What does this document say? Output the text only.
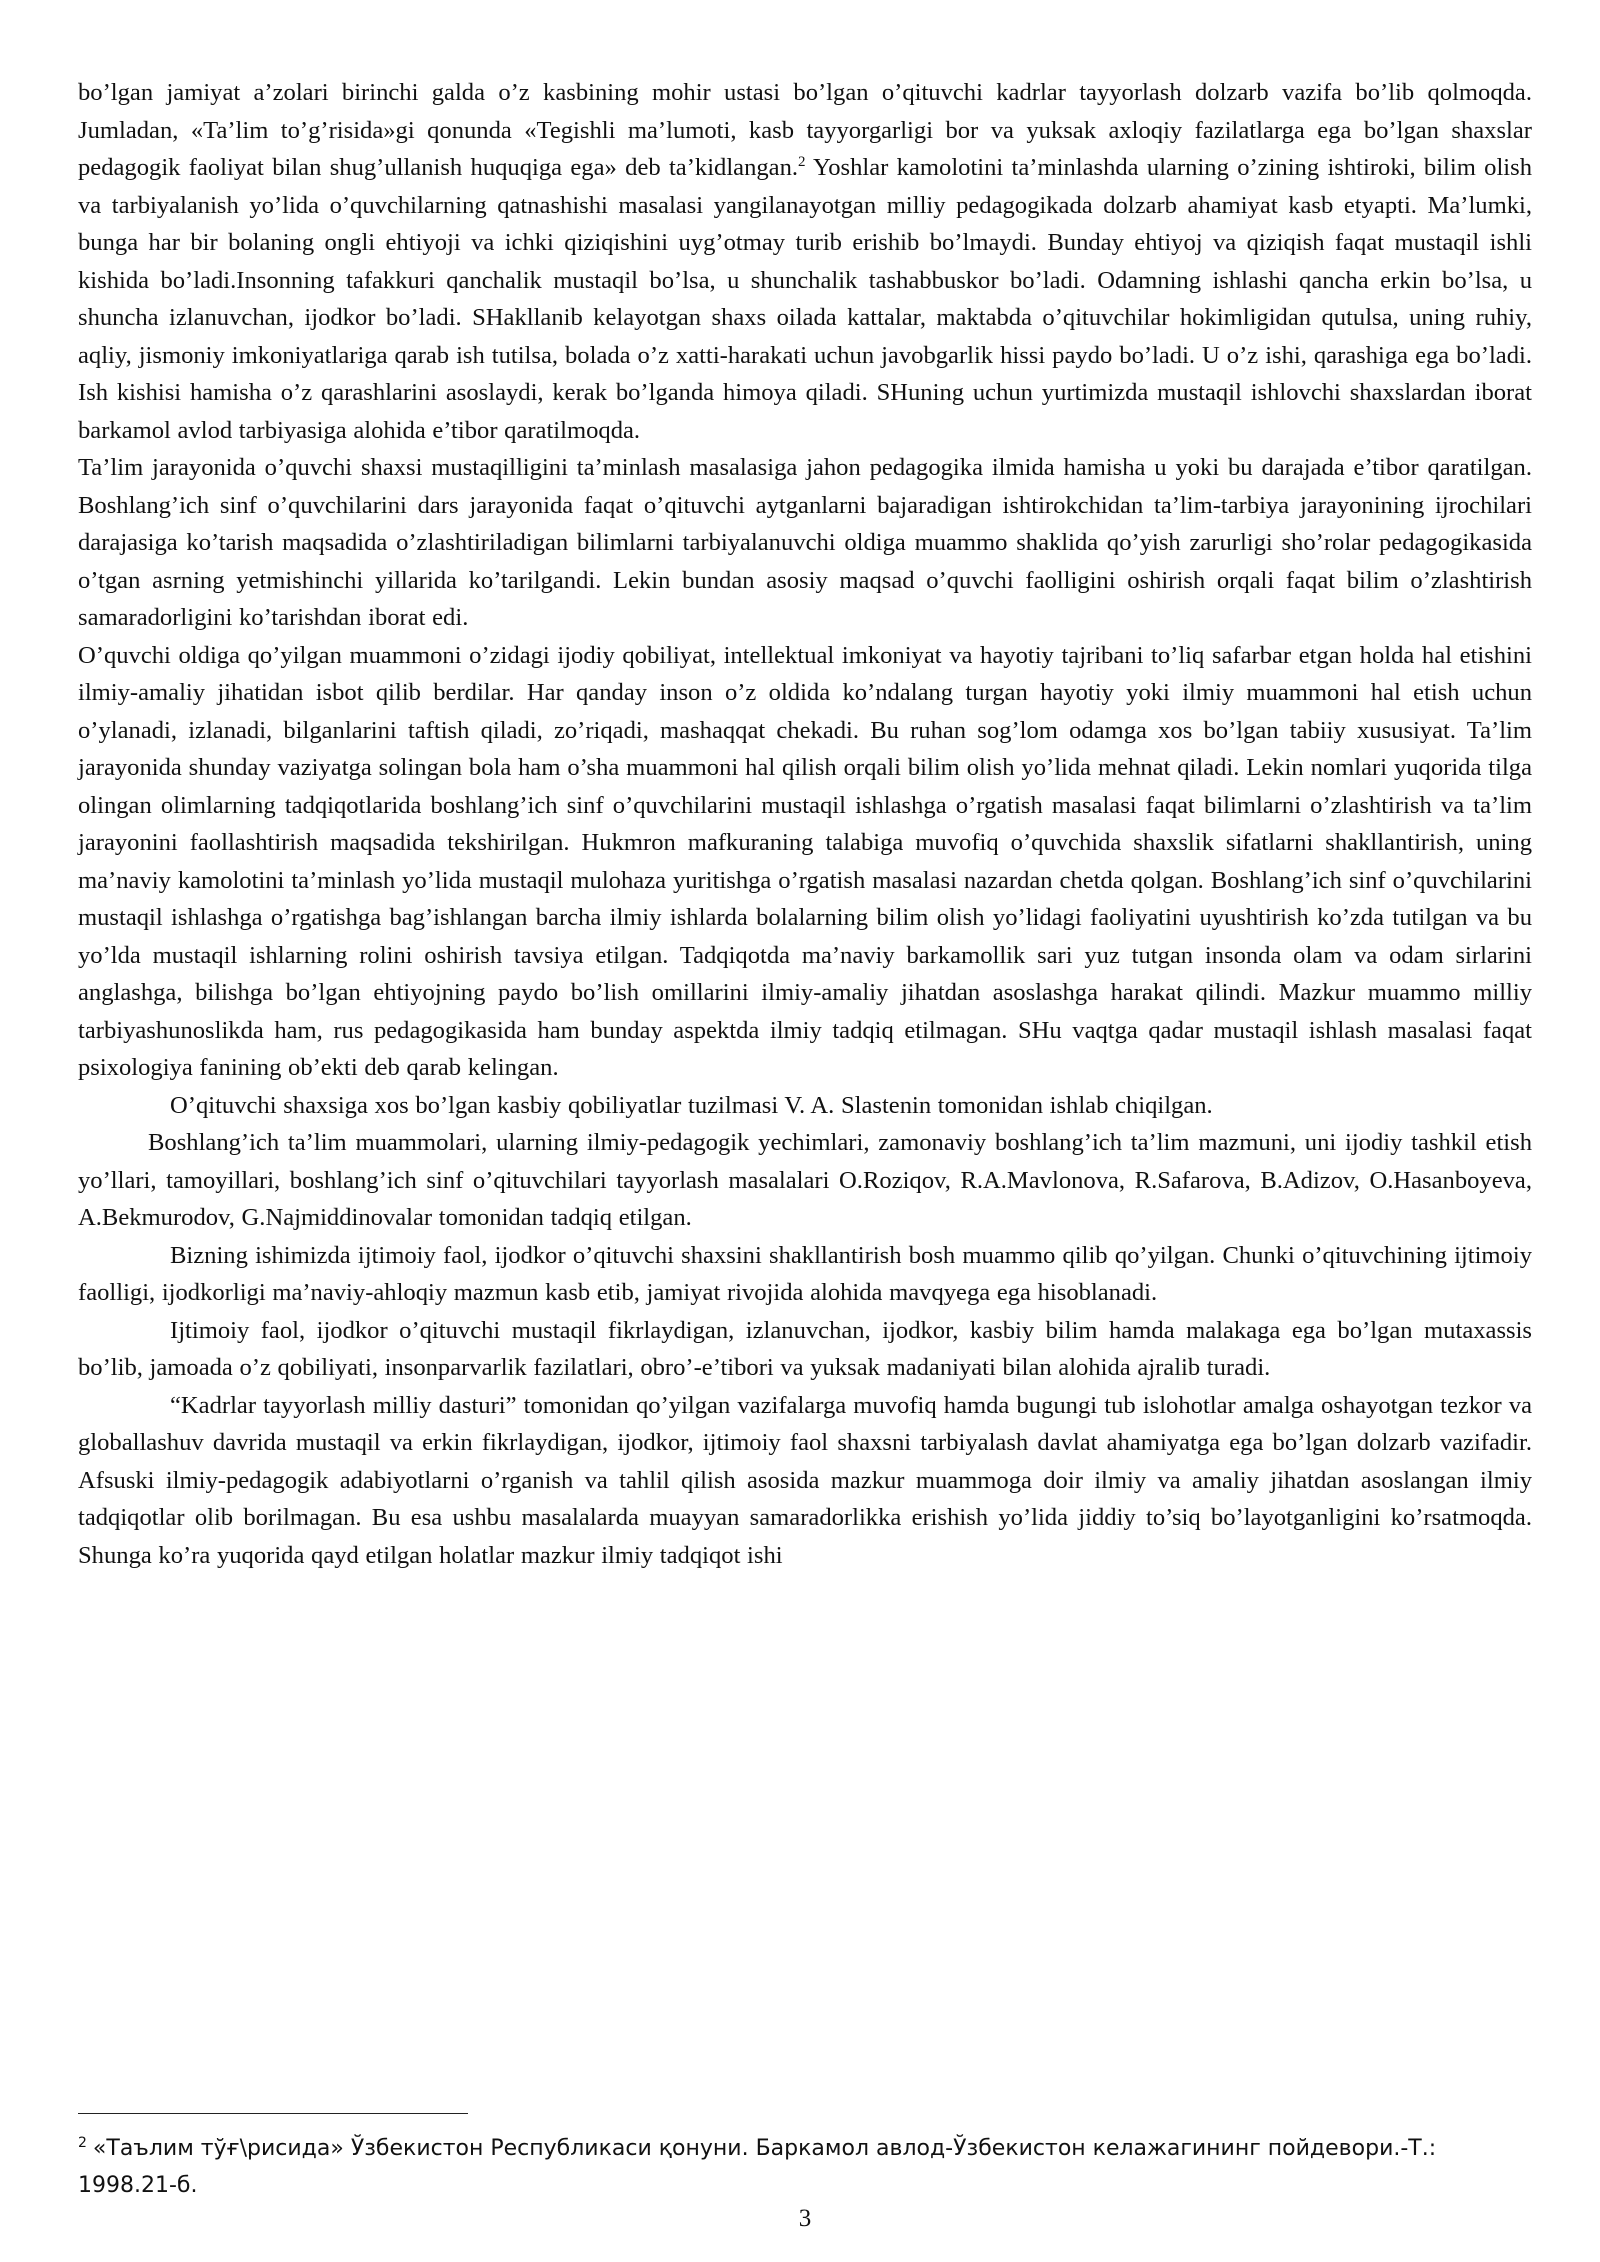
bo’lgan jamiyat a’zolari birinchi galda o’z kasbining mohir ustasi bo’lgan o’qituvchi kadrlar tayyorlash dolzarb vazifa bo’lib qolmoqda. Jumladan, «Ta’lim to’g’risida»gi qonunda «Tegishli ma’lumoti, kasb tayyorgarligi bor va yuksak axloqiy fazilatlarga ega bo’lgan shaxslar pedagogik faoliyat bilan shug’ullanish huquqiga ega» deb ta’kidlangan.$^2$ Yoshlar kamolotini ta’minlashda ularning o’zining ishtiroki, bilim olish va tarbiyalanish yo’lida o’quvchilarning qatnashishi masalasi yangilanayotgan milliy pedagogikada dolzarb ahamiyat kasb etyapti. Ma’lumki, bunga har bir bolaning ongli ehtiyoji va ichki qiziqishini uyg’otmay turib erishib bo’lmaydi. Bunday ehtiyoj va qiziqish faqat mustaqil ishli kishida bo’ladi.Insonning tafakkuri qanchalik mustaqil bo’lsa, u shunchalik tashabbuskor bo’ladi. Odamning ishlashi qancha erkin bo’lsa, u shuncha izlanuvchan, ijodkor bo’ladi. SHakllanib kelayotgan shaxs oilada kattalar, maktabda o’qituvchilar hokimligidan qutulsa, uning ruhiy, aqliy, jismoniy imkoniyatlariga qarab ish tutilsa, bolada o’z xatti-harakati uchun javobgarlik hissi paydo bo’ladi. U o’z ishi, qarashiga ega bo’ladi. Ish kishisi hamisha o’z qarashlarini asoslaydi, kerak bo’lganda himoya qiladi. SHuning uchun yurtimizda mustaqil ishlovchi shaxslardan iborat barkamol avlod tarbiyasiga alohida e’tibor qaratilmoqda.

Ta’lim jarayonida o’quvchi shaxsi mustaqilligini ta’minlash masalasiga jahon pedagogika ilmida hamisha u yoki bu darajada e’tibor qaratilgan. Boshlang’ich sinf o’quvchilarini dars jarayonida faqat o’qituvchi aytganlarni bajaradigan ishtirokchidan ta’lim-tarbiya jarayonining ijrochilari darajasiga ko’tarish maqsadida o’zlashtiriladigan bilimlarni tarbiyalanuvchi oldiga muammo shaklida qo’yish zarurligi sho’rolar pedagogikasida o’tgan asrning yetmishinchi yillarida ko’tarilgandi. Lekin bundan asosiy maqsad o’quvchi faolligini oshirish orqali faqat bilim o’zlashtirish samaradorligini ko’tarishdan iborat edi.

O’quvchi oldiga qo’yilgan muammoni o’zidagi ijodiy qobiliyat, intellektual imkoniyat va hayotiy tajribani to’liq safarbar etgan holda hal etishini ilmiy-amaliy jihatidan isbot qilib berdilar. Har qanday inson o’z oldida ko’ndalang turgan hayotiy yoki ilmiy muammoni hal etish uchun o’ylanadi, izlanadi, bilganlarini taftish qiladi, zo’riqadi, mashaqqat chekadi. Bu ruhan sog’lom odamga xos bo’lgan tabiiy xususiyat. Ta’lim jarayonida shunday vaziyatga solingan bola ham o’sha muammoni hal qilish orqali bilim olish yo’lida mehnat qiladi. Lekin nomlari yuqorida tilga olingan olimlarning tadqiqotlarida boshlang’ich sinf o’quvchilarini mustaqil ishlashga o’rgatish masalasi faqat bilimlarni o’zlashtirish va ta’lim jarayonini faollashtirish maqsadida tekshirilgan. Hukmron mafkuraning talabiga muvofiq o’quvchida shaxslik sifatlarni shakllantirish, uning ma’naviy kamolotini ta’minlash yo’lida mustaqil mulohaza yuritishga o’rgatish masalasi nazardan chetda qolgan. Boshlang’ich sinf o’quvchilarini mustaqil ishlashga o’rgatishga bag’ishlangan barcha ilmiy ishlarda bolalarning bilim olish yo’lidagi faoliyatini uyushtirish ko’zda tutilgan va bu yo’lda mustaqil ishlarning rolini oshirish tavsiya etilgan. Tadqiqotda ma’naviy barkamollik sari yuz tutgan insonda olam va odam sirlarini anglashga, bilishga bo’lgan ehtiyojning paydo bo’lish omillarini ilmiy-amaliy jihatdan asoslashga harakat qilindi. Mazkur muammo milliy tarbiyashunoslikda ham, rus pedagogikasida ham bunday aspektda ilmiy tadqiq etilmagan. SHu vaqtga qadar mustaqil ishlash masalasi faqat psixologiya fanining ob’ekti deb qarab kelingan.

O’qituvchi shaxsiga xos bo’lgan kasbiy qobiliyatlar tuzilmasi V. A. Slastenin tomonidan ishlab chiqilgan.

Boshlang’ich ta’lim muammolari, ularning ilmiy-pedagogik yechimlari, zamonaviy boshlang’ich ta’lim mazmuni, uni ijodiy tashkil etish yo’llari, tamoyillari, boshlang’ich sinf o’qituvchilari tayyorlash masalalari O.Roziqov, R.A.Mavlonova, R.Safarova, B.Adizov, O.Hasanboyeva, A.Bekmurodov, G.Najmiddinovalar tomonidan tadqiq etilgan.

Bizning ishimizda ijtimoiy faol, ijodkor o’qituvchi shaxsini shakllantirish bosh muammo qilib qo’yilgan. Chunki o’qituvchining ijtimoiy faolligi, ijodkorligi ma’naviy-ahloqiy mazmun kasb etib, jamiyat rivojida alohida mavqyega ega hisoblanadi.

Ijtimoiy faol, ijodkor o’qituvchi mustaqil fikrlaydigan, izlanuvchan, ijodkor, kasbiy bilim hamda malakaga ega bo’lgan mutaxassis bo’lib, jamoada o’z qobiliyati, insonparvarlik fazilatlari, obro’-e’tibori va yuksak madaniyati bilan alohida ajralib turadi.

“Kadrlar tayyorlash milliy dasturi” tomonidan qo’yilgan vazifalarga muvofiq hamda bugungi tub islohotlar amalga oshayotgan tezkor va globallashuv davrida mustaqil va erkin fikrlaydigan, ijodkor, ijtimoiy faol shaxsni tarbiyalash davlat ahamiyatga ega bo’lgan dolzarb vazifadir. Afsuski ilmiy-pedagogik adabiyotlarni o’rganish va tahlil qilish asosida mazkur muammoga doir ilmiy va amaliy jihatdan asoslangan ilmiy tadqiqotlar olib borilmagan. Bu esa ushbu masalalarda muayyan samaradorlikka erishish yo’lida jiddiy to’siq bo’layotganligini ko’rsatmoqda. Shunga ko’ra yuqorida qayd etilgan holatlar mazkur ilmiy tadqiqot ishi

$^2$ «Таълим тўғ\рисида» Ўзбекистон Республикаси қонуни. Баркамол авлод-Ўзбекистон келажагининг пойдевори.-Т.: 1998.21-б.

3
